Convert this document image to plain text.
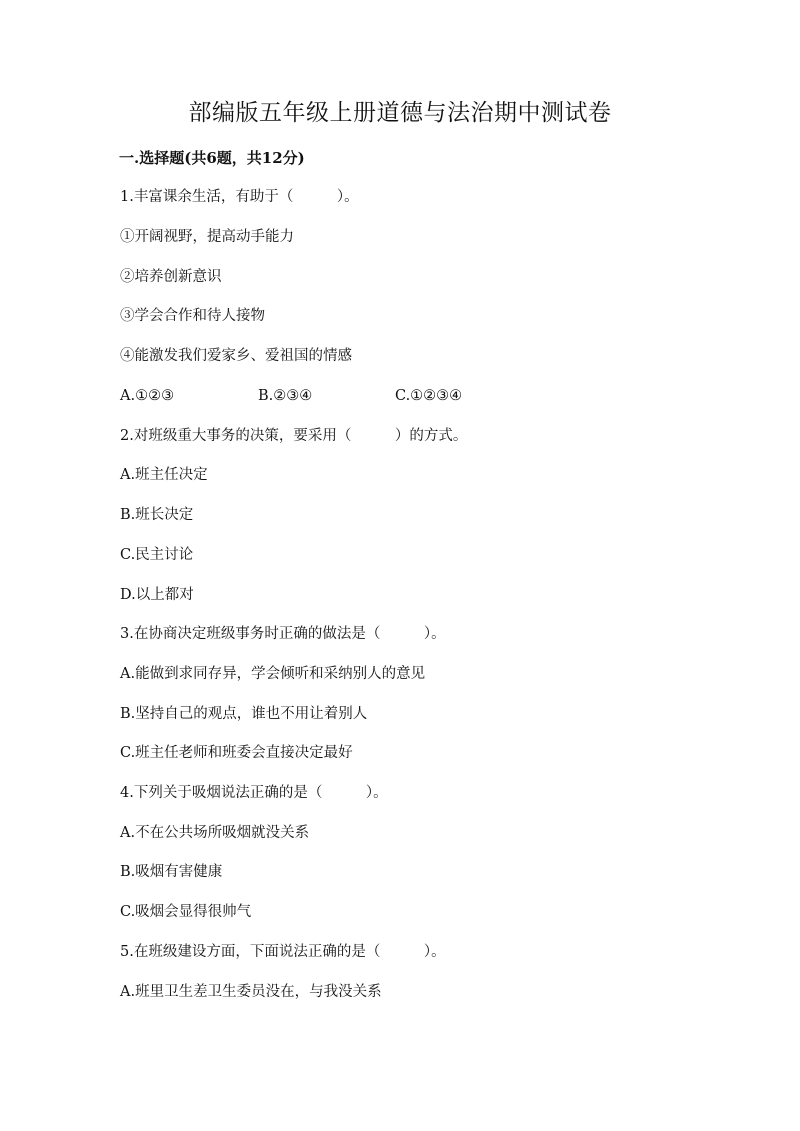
部编版五年级上册道德与法治期中测试卷
一.选择题(共6题，共12分)
1.丰富课余生活，有助于（　　　）。
①开阔视野，提高动手能力
②培养创新意识
③学会合作和待人接物
④能激发我们爱家乡、爱祖国的情感
A.①②③	B.②③④	C.①②③④
2.对班级重大事务的决策，要采用（　　　）的方式。
A.班主任决定
B.班长决定
C.民主讨论
D.以上都对
3.在协商决定班级事务时正确的做法是（　　　）。
A.能做到求同存异，学会倾听和采纳别人的意见
B.坚持自己的观点，谁也不用让着别人
C.班主任老师和班委会直接决定最好
4.下列关于吸烟说法正确的是（　　　）。
A.不在公共场所吸烟就没关系
B.吸烟有害健康
C.吸烟会显得很帅气
5.在班级建设方面，下面说法正确的是（　　　）。
A.班里卫生差卫生委员没在，与我没关系
